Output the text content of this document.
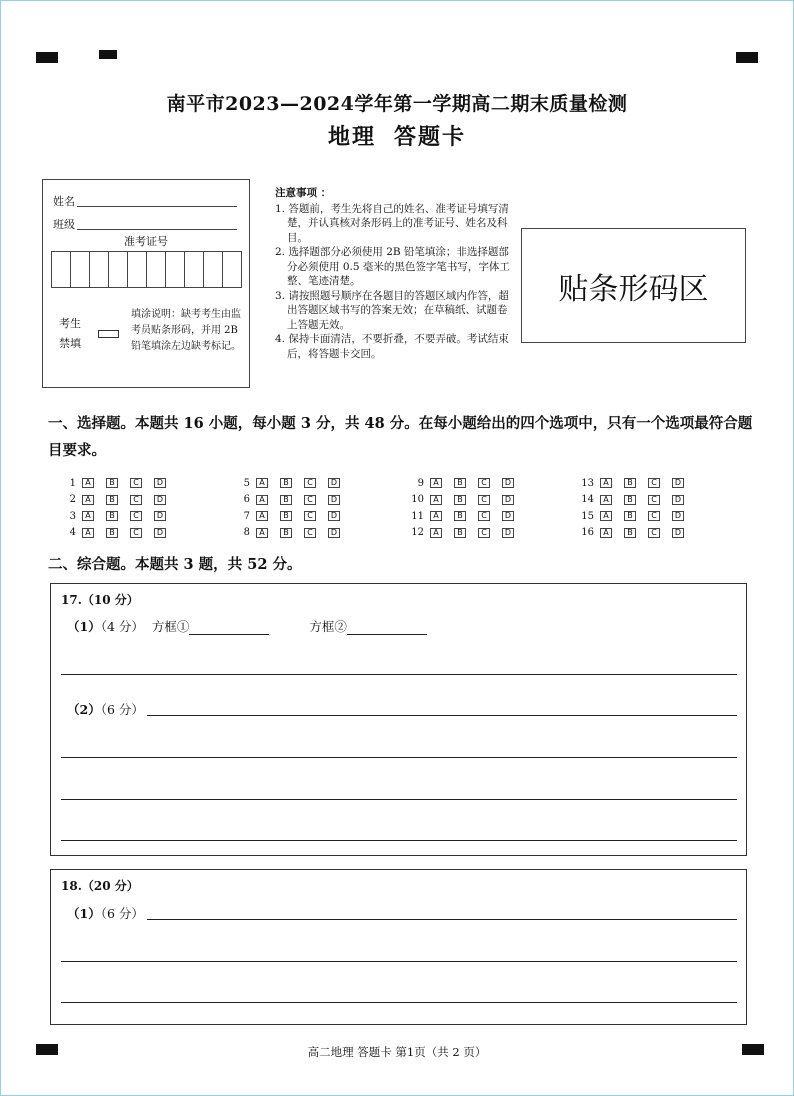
南平市2023—2024学年第一学期高二期末质量检测
地理 答题卡
姓名
班级
准考证号
考生
禁填
填涂说明：缺考考生由监考员贴条形码，并用 2B 铅笔填涂左边缺考标记。
注意事项 ：
1. 答题前，考生先将自己的姓名、准考证号填写清楚，并认真核对条形码上的准考证号、姓名及科目。
2. 选择题部分必须使用 2B 铅笔填涂；非选择题部分必须使用 0.5 毫米的黑色签字笔书写，字体工整、笔迹清楚。
3. 请按照题号顺序在各题目的答题区域内作答，超出答题区域书写的答案无效；在草稿纸、试题卷上答题无效。
4. 保持卡面清洁，不要折叠，不要弄破。考试结束后，将答题卡交回。
贴条形码区
一、选择题。本题共 16 小题，每小题 3 分，共 48 分。在每小题给出的四个选项中，只有一个选项最符合题目要求。
1	A	B	C	D
2	A	B	C	D
3	A	B	C	D
4	A	B	C	D
5	A	B	C	D
6	A	B	C	D
7	A	B	C	D
8	A	B	C	D
9	A	B	C	D
10	A	B	C	D
11	A	B	C	D
12	A	B	C	D
13	A	B	C	D
14	A	B	C	D
15	A	B	C	D
16	A	B	C	D
二、综合题。本题共 3 题，共 52 分。
17.（10 分）
（1）（4 分） 方框①	方框②
（2）（6 分）
18.（20 分）
（1）（6 分）
高二地理 答题卡 第1页（共 2 页）
